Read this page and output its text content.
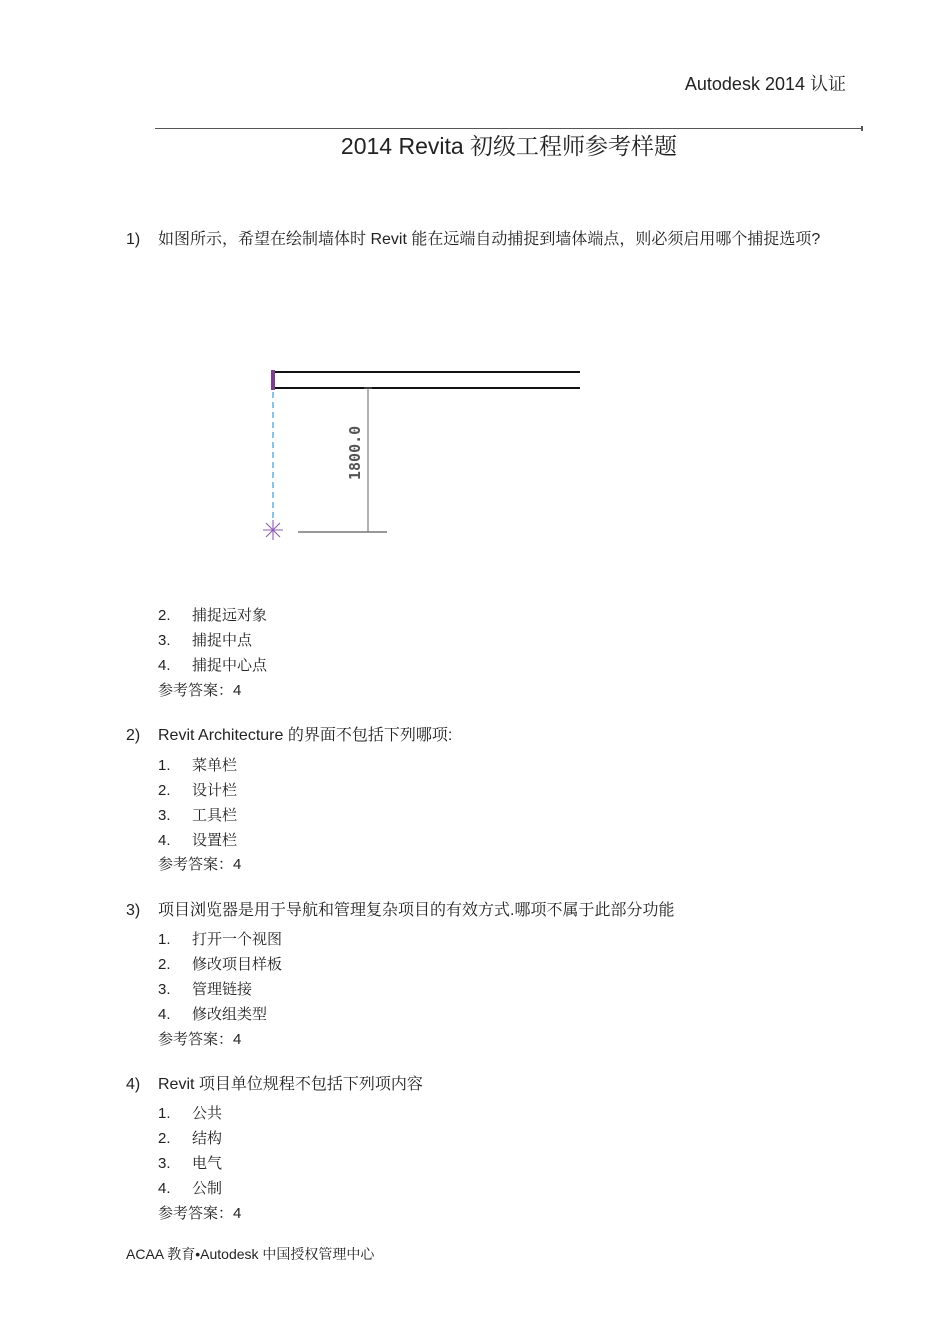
Autodesk 2014 认证
2014 Revita 初级工程师参考样题
1) 如图所示，希望在绘制墙体时 Revit 能在远端自动捕捉到墙体端点，则必须启用哪个捕捉选项?
1800.0
2. 捕捉远对象
3. 捕捉中点
4. 捕捉中心点
参考答案：4
2) Revit Architecture 的界面不包括下列哪项:
1. 菜单栏
2. 设计栏
3. 工具栏
4. 设置栏
参考答案：4
3) 项目浏览器是用于导航和管理复杂项目的有效方式.哪项不属于此部分功能
1. 打开一个视图
2. 修改项目样板
3. 管理链接
4. 修改组类型
参考答案：4
4) Revit 项目单位规程不包括下列项内容
1. 公共
2. 结构
3. 电气
4. 公制
参考答案：4
ACAA 教育•Autodesk 中国授权管理中心
